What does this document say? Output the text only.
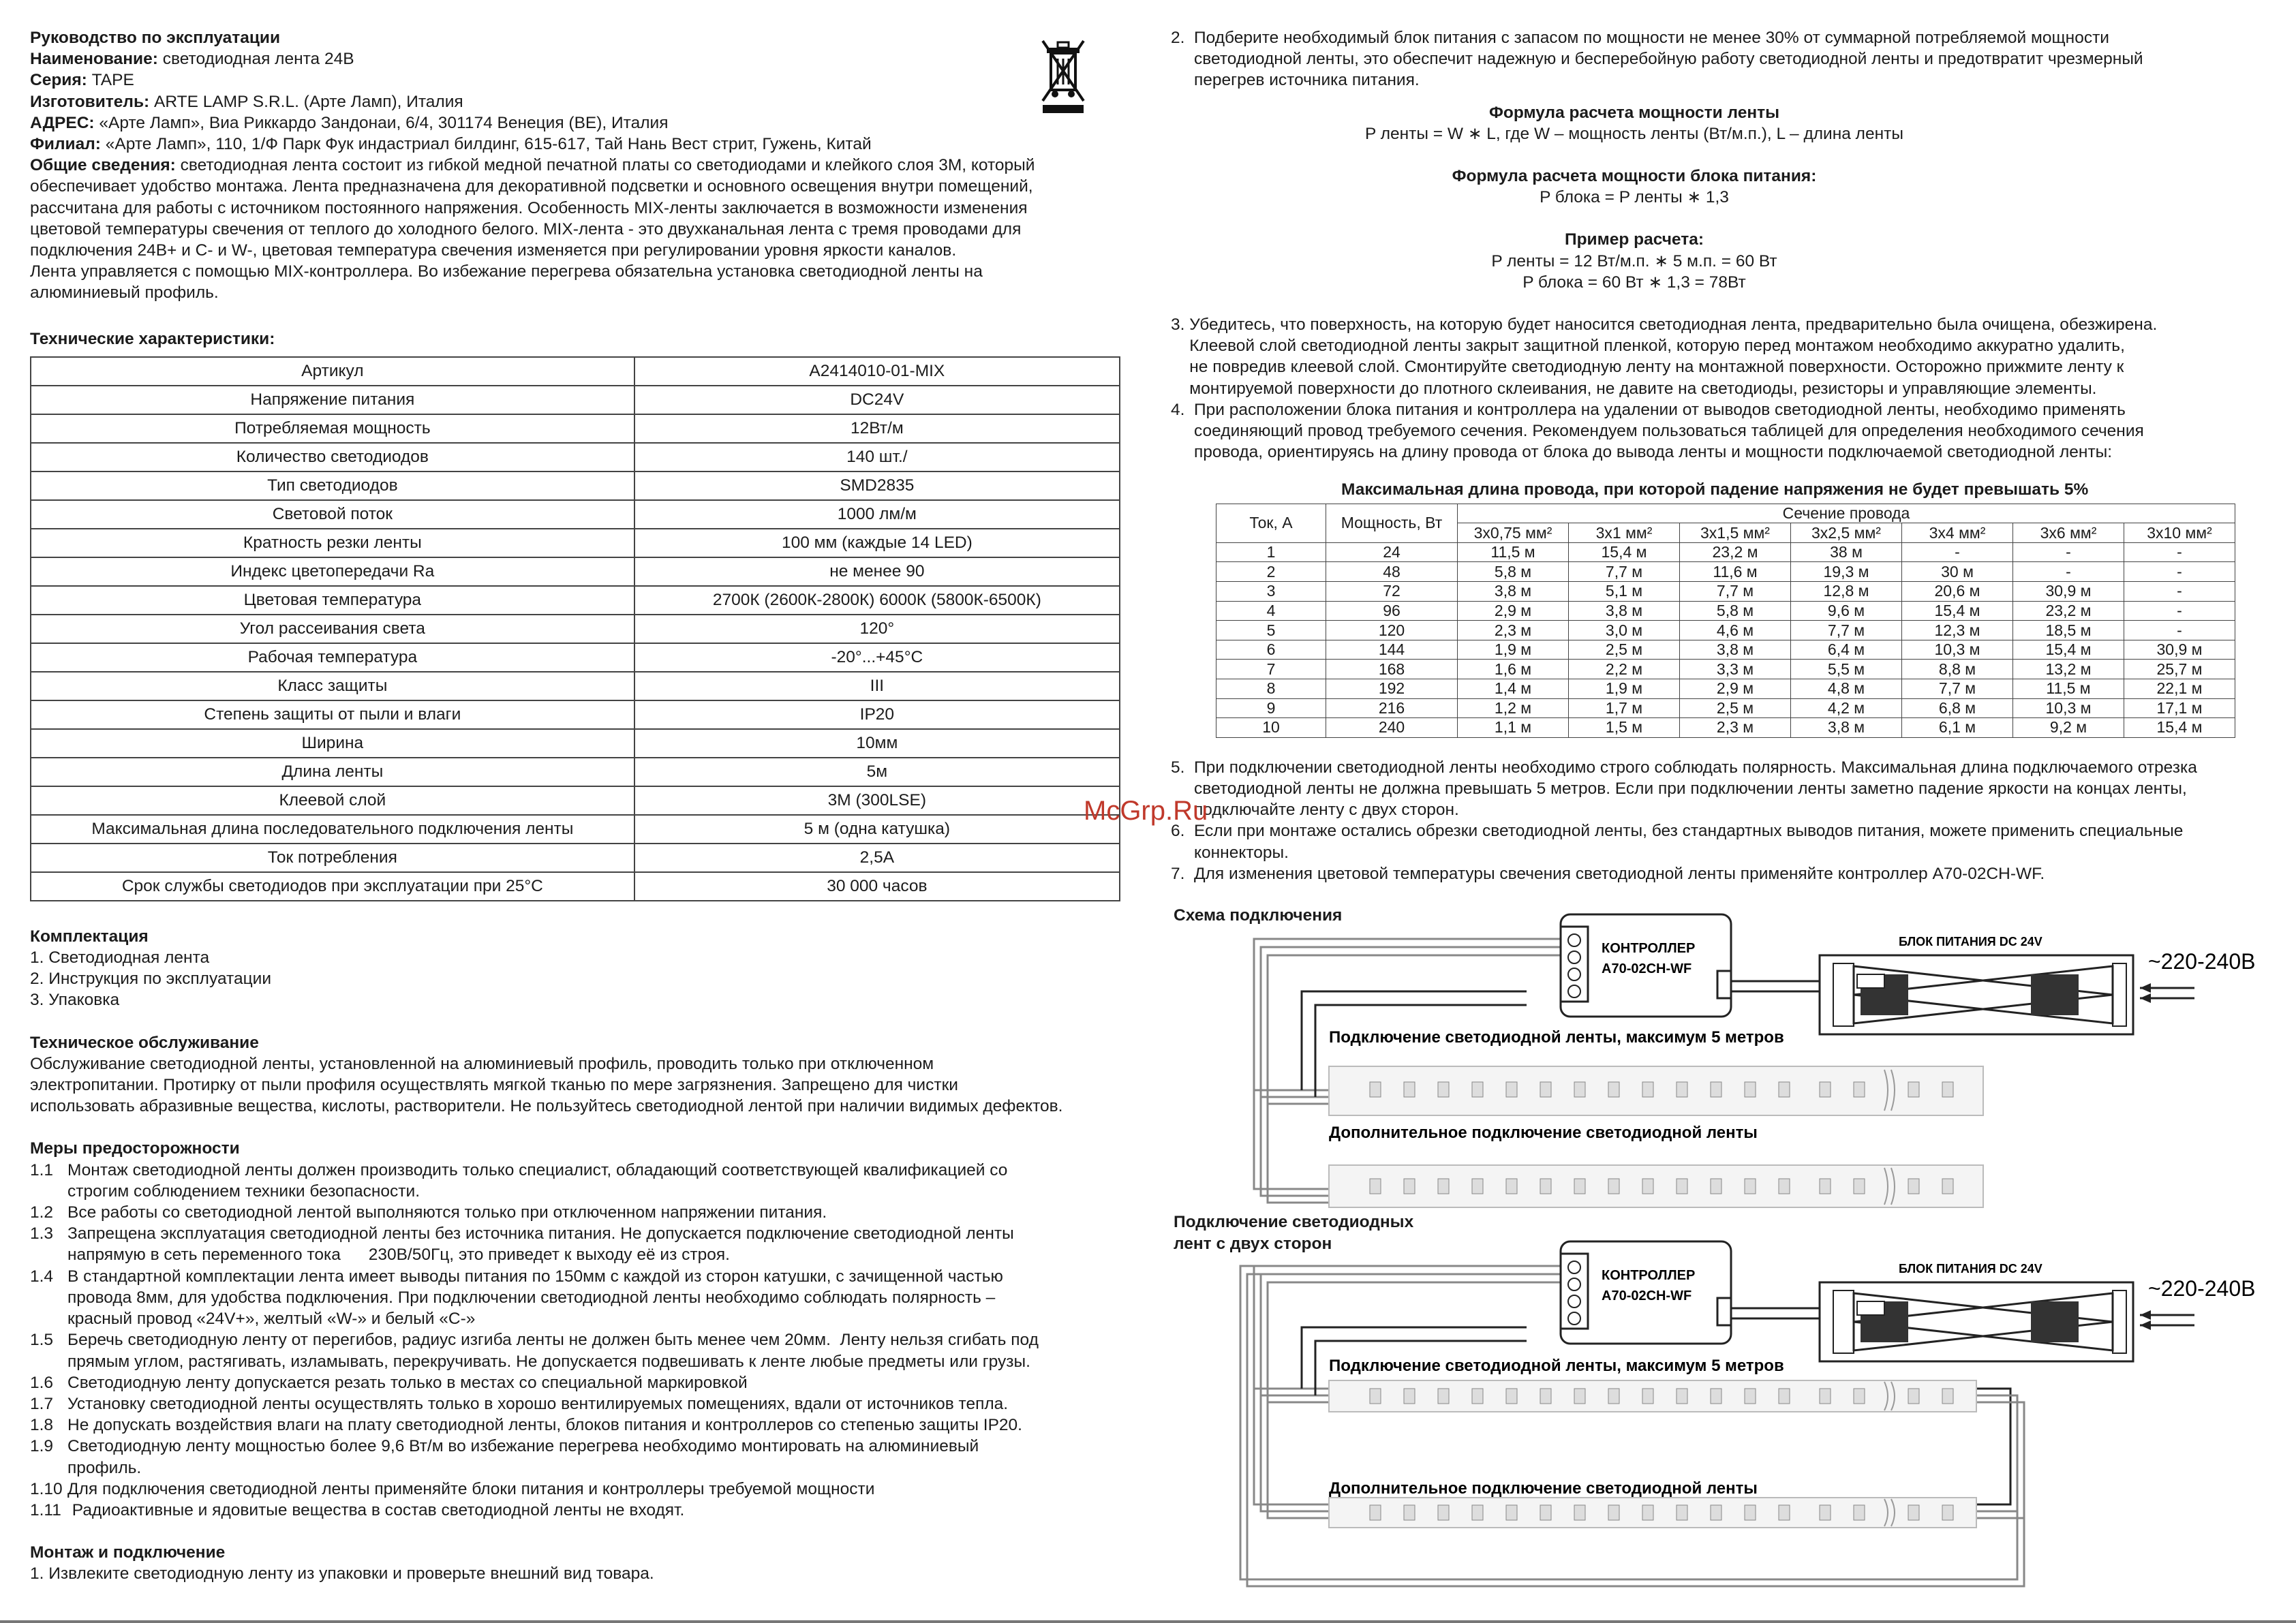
Руководство по эксплуатации

Наименование: светодиодная лента 24В

Серия: TAPE

Изготовитель: ARTE LAMP S.R.L. (Арте Ламп), Италия

АДРЕС: «Арте Ламп», Виа Риккардо Зандонаи, 6/4, 301174 Венеция (ВЕ), Италия

Филиал: «Арте Ламп», 110, 1/Ф Парк Фук индастриал билдинг, 615-617, Тай Нань Вест стрит, Гужень, Китай

Общие сведения: светодиодная лента состоит из гибкой медной печатной платы со светодиодами и клейкого слоя 3М, который

обеспечивает удобство монтажа. Лента предназначена для декоративной подсветки и основного освещения внутри помещений,

рассчитана для работы с источником постоянного напряжения. Особенность MIX-ленты заключается в возможности изменения

цветовой температуры свечения от теплого до холодного белого. MIX-лента - это двухканальная лента с тремя проводами для

подключения 24В+ и С- и W-, цветовая температура свечения изменяется при регулировании уровня яркости каналов.

Лента управляется с помощью MIX-контроллера. Во избежание перегрева обязательна установка светодиодной ленты на

алюминиевый профиль.

Технические характеристики:

Артикул	A2414010-01-MIX
Напряжение питания	DC24V
Потребляемая мощность	12Вт/м
Количество светодиодов	140 шт./
Тип светодиодов	SMD2835
Световой поток	1000 лм/м
Кратность резки ленты	100 мм (каждые 14 LED)
Индекс цветопередачи Ra	не менее 90
Цветовая температура	2700К (2600К-2800К) 6000К (5800К-6500К)
Угол рассеивания света	120°
Рабочая температура	-20°...+45°C
Класс защиты	III
Степень защиты от пыли и влаги	IP20
Ширина	10мм
Длина ленты	5м
Клеевой слой	3M (300LSE)
Максимальная длина последовательного подключения ленты	5 м (одна катушка)
Ток потребления	2,5A
Срок службы светодиодов при эксплуатации при 25°С	30 000 часов

Комплектация

1. Светодиодная лента

2. Инструкция по эксплуатации

3. Упаковка

Техническое обслуживание

Обслуживание светодиодной ленты, установленной на алюминиевый профиль, проводить только при отключенном

электропитании. Протирку от пыли профиля осуществлять мягкой тканью по мере загрязнения. Запрещено для чистки

использовать абразивные вещества, кислоты, растворители. Не пользуйтесь светодиодной лентой при наличии видимых дефектов.

Меры предосторожности

1.1 Монтаж светодиодной ленты должен производить только специалист, обладающий соответствующей квалификацией со
строгим соблюдением техники безопасности.
1.2 Все работы со светодиодной лентой выполняются только при отключенном напряжении питания.
1.3 Запрещена эксплуатация светодиодной ленты без источника питания. Не допускается подключение светодиодной ленты
напрямую в сеть переменного тока      230В/50Гц, это приведет к выходу её из строя.
1.4 В стандартной комплектации лента имеет выводы питания по 150мм с каждой из сторон катушки, с зачищенной частью
провода 8мм, для удобства подключения. При подключении светодиодной ленты необходимо соблюдать полярность –
красный провод «24V+», желтый «W-» и белый «С-»
1.5 Беречь светодиодную ленту от перегибов, радиус изгиба ленты не должен быть менее чем 20мм.  Ленту нельзя сгибать под
прямым углом, растягивать, изламывать, перекручивать. Не допускается подвешивать к ленте любые предметы или грузы.
1.6 Светодиодную ленту допускается резать только в местах со специальной маркировкой
1.7 Установку светодиодной ленты осуществлять только в хорошо вентилируемых помещениях, вдали от источников тепла.
1.8 Не допускать воздействия влаги на плату светодиодной ленты, блоков питания и контроллеров со степенью защиты IP20.
1.9 Светодиодную ленту мощностью более 9,6 Вт/м во избежание перегрева необходимо монтировать на алюминиевый
профиль.
1.10 Для подключения светодиодной ленты применяйте блоки питания и контроллеры требуемой мощности
1.11 Радиоактивные и ядовитые вещества в состав светодиодной ленты не входят.

Монтаж и подключение

1. Извлеките светодиодную ленту из упаковки и проверьте внешний вид товара.

2.  Подберите необходимый блок питания с запасом по мощности не менее 30% от суммарной потребляемой мощности

светодиодной ленты, это обеспечит надежную и бесперебойную работу светодиодной ленты и предотвратит чрезмерный

перегрев источника питания.

Формула расчета мощности ленты

P ленты = W ∗ L, где W – мощность ленты (Вт/м.п.), L – длина ленты

Формула расчета мощности блока питания:

P блока = P ленты ∗ 1,3

Пример расчета:

P ленты = 12 Вт/м.п. ∗ 5 м.п. = 60 Вт

P блока = 60 Вт ∗ 1,3 = 78Вт

3. Убедитесь, что поверхность, на которую будет наносится светодиодная лента, предварительно была очищена, обезжирена.

Клеевой слой светодиодной ленты закрыт защитной пленкой, которую перед монтажом необходимо аккуратно удалить,

не повредив клеевой слой. Смонтируйте светодиодную ленту на монтажной поверхности. Осторожно прижмите ленту к

монтируемой поверхности до плотного склеивания, не давите на светодиоды, резисторы и управляющие элементы.

4.  При расположении блока питания и контроллера на удалении от выводов светодиодной ленты, необходимо применять

соединяющий провод требуемого сечения. Рекомендуем пользоваться таблицей для определения необходимого сечения

провода, ориентируясь на длину провода от блока до вывода ленты и мощности подключаемой светодиодной ленты:

Максимальная длина провода, при которой падение напряжения не будет превышать 5%

Ток, А	Мощность, Вт	Сечение провода						
		3x0,75 мм²	3x1 мм²	3x1,5 мм²	3x2,5 мм²	3x4 мм²	3x6 мм²	3x10 мм²
1	24	11,5 м	15,4 м	23,2 м	38 м	-	-	-
2	48	5,8 м	7,7 м	11,6 м	19,3 м	30 м	-	-
3	72	3,8 м	5,1 м	7,7 м	12,8 м	20,6 м	30,9 м	-
4	96	2,9 м	3,8 м	5,8 м	9,6 м	15,4 м	23,2 м	-
5	120	2,3 м	3,0 м	4,6 м	7,7 м	12,3 м	18,5 м	-
6	144	1,9 м	2,5 м	3,8 м	6,4 м	10,3 м	15,4 м	30,9 м
7	168	1,6 м	2,2 м	3,3 м	5,5 м	8,8 м	13,2 м	25,7 м
8	192	1,4 м	1,9 м	2,9 м	4,8 м	7,7 м	11,5 м	22,1 м
9	216	1,2 м	1,7 м	2,5 м	4,2 м	6,8 м	10,3 м	17,1 м
10	240	1,1 м	1,5 м	2,3 м	3,8 м	6,1 м	9,2 м	15,4 м

5.  При подключении светодиодной ленты необходимо строго соблюдать полярность. Максимальная длина подключаемого отрезка

светодиодной ленты не должна превышать 5 метров. Если при подключении ленты заметно падение яркости на концах ленты,

подключайте ленту с двух сторон.

6.  Если при монтаже остались обрезки светодиодной ленты, без стандартных выводов питания, можете применить специальные

коннекторы.

7.  Для изменения цветовой температуры свечения светодиодной ленты применяйте контроллер A70-02CH-WF.

McGrp.Ru

Схема подключения

КОНТРОЛЛЕР
A70-02CH-WF
БЛОК ПИТАНИЯ DC 24V
~220-240В
Подключение светодиодной ленты, максимум 5 метров
Дополнительное подключение светодиодной ленты

Подключение светодиодных

лент с двух сторон

КОНТРОЛЛЕР
A70-02CH-WF
БЛОК ПИТАНИЯ DC 24V
~220-240В
Подключение светодиодной ленты, максимум 5 метров
Дополнительное подключение светодиодной ленты
